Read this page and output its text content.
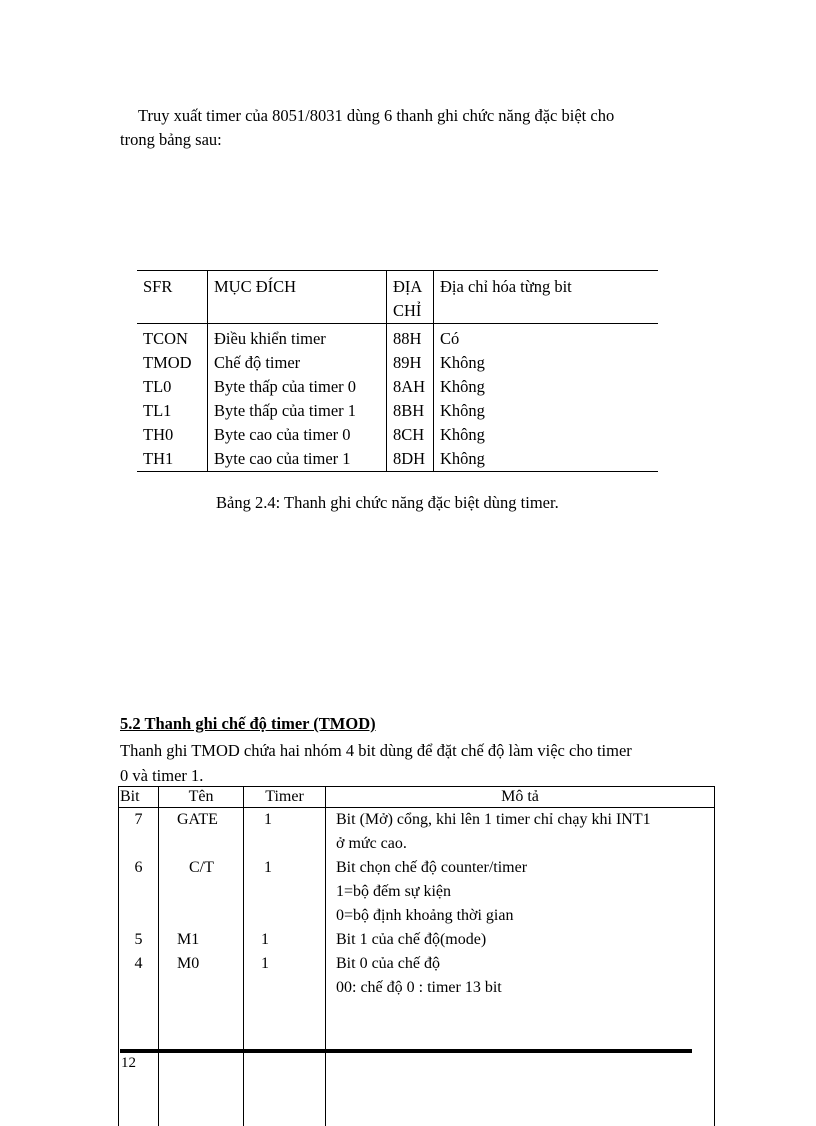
Truy xuất timer của 8051/8031 dùng 6 thanh ghi chức năng đặc biệt cho
trong bảng sau:
SFR	MỤC ĐÍCH	ĐỊA CHỈ	Địa chỉ hóa từng bit
TCON	Điều khiển timer	88H	Có
TMOD	Chế độ timer	89H	Không
TL0	Byte thấp của timer 0	8AH	Không
TL1	Byte thấp của timer 1	8BH	Không
TH0	Byte cao của timer 0	8CH	Không
TH1	Byte cao của timer 1	8DH	Không
Bảng 2.4: Thanh ghi chức năng đặc biệt dùng timer.
5.2 Thanh ghi chế độ timer (TMOD)
Thanh ghi TMOD chứa hai nhóm 4 bit dùng để đặt chế độ làm việc cho timer
0 và timer 1.
Bit	Tên	Timer	Mô tả
7	GATE	1	Bit (Mở) cổng, khi lên 1 timer chỉ chạy khi INT1
ở mức cao.

6	C/T	1	Bit chọn chế độ counter/timer
1=bộ đếm sự kiện
0=bộ định khoảng thời gian

5	M1	1	Bit 1 của chế độ(mode)

4	M0	1	Bit 0 của chế độ
00: chế độ 0 : timer 13 bit

12
